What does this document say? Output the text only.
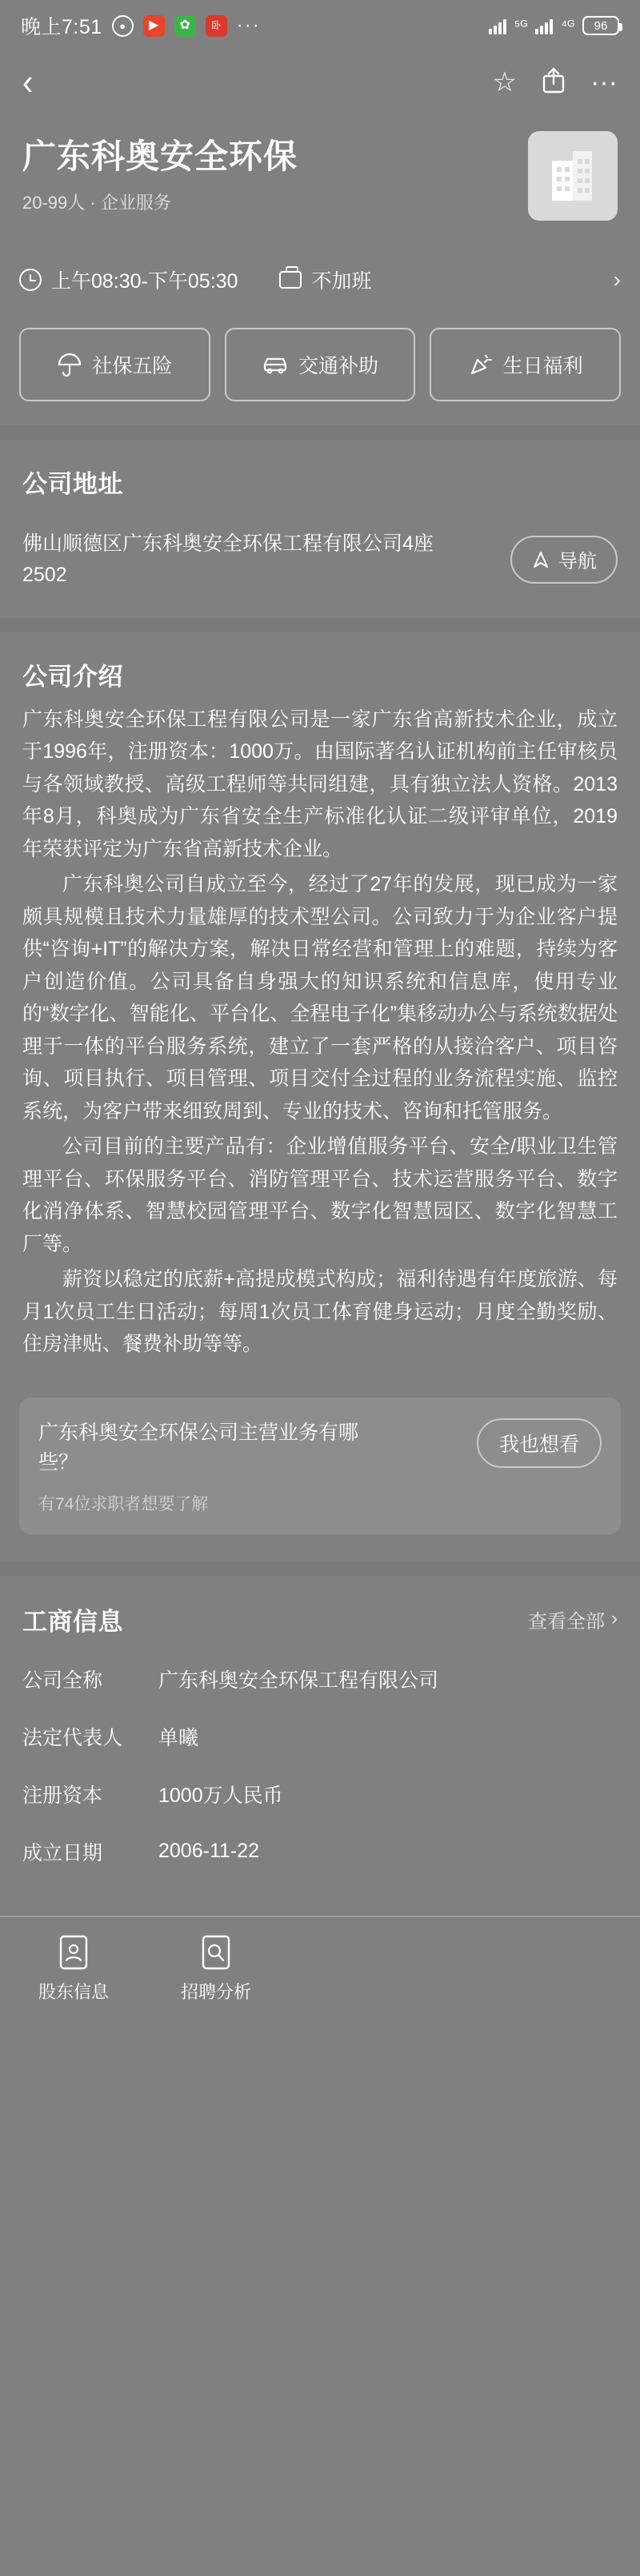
晚上7:51	●	▶	✿	卧 ···	⁵ᴳ ⁴ᴳ 96
‹	☆	···
广东科奥安全环保
20-99人 · 企业服务
上午08:30-下午05:30	不加班	›
社保五险	交通补助	生日福利
公司地址
佛山顺德区广东科奥安全环保工程有限公司4座2502
导航
公司介绍

广东科奥安全环保工程有限公司是一家广东省高新技术企业，成立于1996年，注册资本：1000万。由国际著名认证机构前主任审核员与各领域教授、高级工程师等共同组建，具有独立法人资格。2013年8月，科奥成为广东省安全生产标准化认证二级评审单位，2019年荣获评定为广东省高新技术企业。

广东科奥公司自成立至今，经过了27年的发展，现已成为一家颇具规模且技术力量雄厚的技术型公司。公司致力于为企业客户提供“咨询+IT”的解决方案，解决日常经营和管理上的难题，持续为客户创造价值。公司具备自身强大的知识系统和信息库，使用专业的“数字化、智能化、平台化、全程电子化”集移动办公与系统数据处理于一体的平台服务系统，建立了一套严格的从接洽客户、项目咨询、项目执行、项目管理、项目交付全过程的业务流程实施、监控系统，为客户带来细致周到、专业的技术、咨询和托管服务。

公司目前的主要产品有：企业增值服务平台、安全/职业卫生管理平台、环保服务平台、消防管理平台、技术运营服务平台、数字化消净体系、智慧校园管理平台、数字化智慧园区、数字化智慧工厂等。

薪资以稳定的底薪+高提成模式构成；福利待遇有年度旅游、每月1次员工生日活动；每周1次员工体育健身运动；月度全勤奖励、住房津贴、餐费补助等等。

广东科奥安全环保公司主营业务有哪些？
有74位求职者想要了解
我也想看
工商信息	查看全部 ›
公司全称	广东科奥安全环保工程有限公司
法定代表人	单曦
注册资本	1000万人民币
成立日期	2006-11-22
股东信息	招聘分析
